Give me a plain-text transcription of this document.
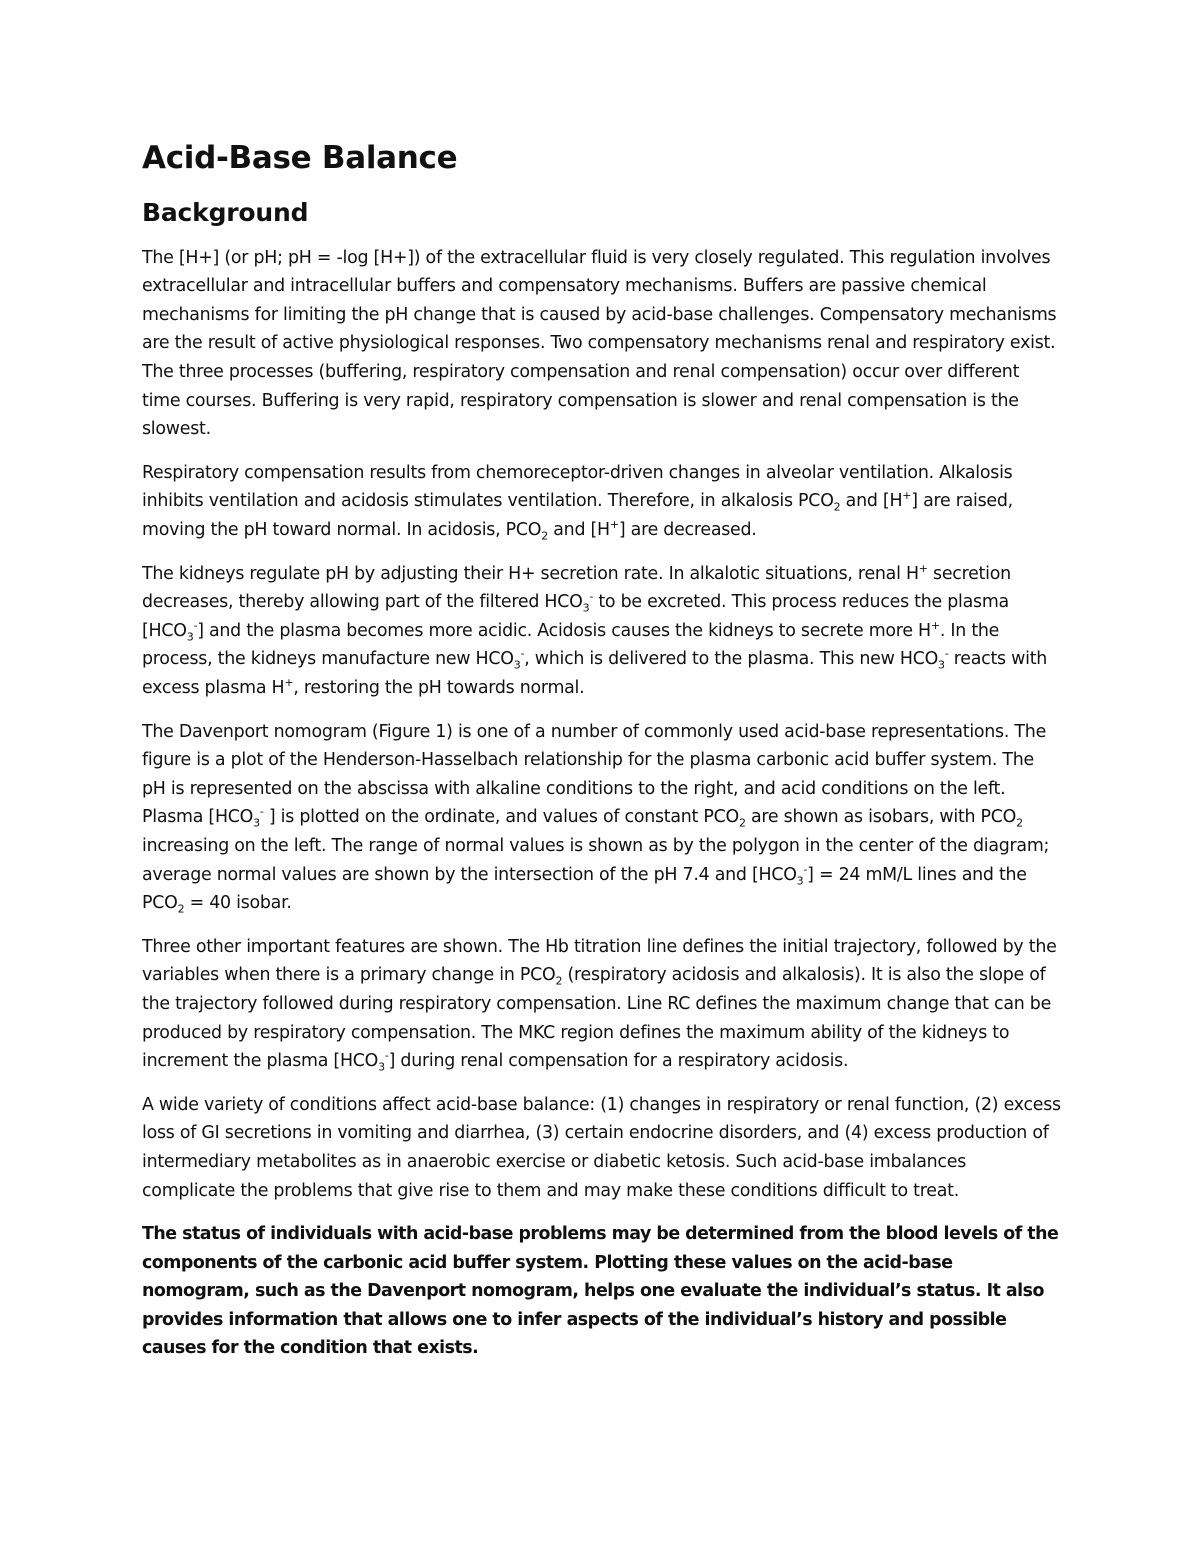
Acid-Base Balance
Background

The [H+] (or pH; pH = -log [H+]) of the extracellular fluid is very closely regulated. This regulation involves extracellular and intracellular buffers and compensatory mechanisms. Buffers are passive chemical mechanisms for limiting the pH change that is caused by acid-base challenges. Compensatory mechanisms are the result of active physiological responses. Two compensatory mechanisms renal and respiratory exist. The three processes (buffering, respiratory compensation and renal compensation) occur over different time courses. Buffering is very rapid, respiratory compensation is slower and renal compensation is the slowest.

Respiratory compensation results from chemoreceptor-driven changes in alveolar ventilation. Alkalosis inhibits ventilation and acidosis stimulates ventilation. Therefore, in alkalosis $PCO_2$ and [H+] are raised, moving the pH toward normal. In acidosis, $PCO_2$ and [H+] are decreased.

The kidneys regulate pH by adjusting their H+ secretion rate. In alkalotic situations, renal H+ secretion decreases, thereby allowing part of the filtered $HCO_3^-$ to be excreted. This process reduces the plasma $[HCO_3^-]$ and the plasma becomes more acidic. Acidosis causes the kidneys to secrete more H+. In the process, the kidneys manufacture new $HCO_3^-$, which is delivered to the plasma. This new $HCO_3^-$ reacts with excess plasma H+, restoring the pH towards normal.

The Davenport nomogram (Figure 1) is one of a number of commonly used acid-base representations. The figure is a plot of the Henderson-Hasselbach relationship for the plasma carbonic acid buffer system. The pH is represented on the abscissa with alkaline conditions to the right, and acid conditions on the left. Plasma [$HCO_3^-$ ] is plotted on the ordinate, and values of constant $PCO_2$ are shown as isobars, with $PCO_2$ increasing on the left. The range of normal values is shown as by the polygon in the center of the diagram; average normal values are shown by the intersection of the pH 7.4 and $[HCO_3^-] = 24$ mM/L lines and the $PCO_2 = 40$ isobar.

Three other important features are shown. The Hb titration line defines the initial trajectory, followed by the variables when there is a primary change in $PCO_2$ (respiratory acidosis and alkalosis). It is also the slope of the trajectory followed during respiratory compensation. Line RC defines the maximum change that can be produced by respiratory compensation. The MKC region defines the maximum ability of the kidneys to increment the plasma $[HCO_3^-]$ during renal compensation for a respiratory acidosis.

A wide variety of conditions affect acid-base balance: (1) changes in respiratory or renal function, (2) excess loss of GI secretions in vomiting and diarrhea, (3) certain endocrine disorders, and (4) excess production of intermediary metabolites as in anaerobic exercise or diabetic ketosis. Such acid-base imbalances complicate the problems that give rise to them and may make these conditions difficult to treat.

The status of individuals with acid-base problems may be determined from the blood levels of the components of the carbonic acid buffer system. Plotting these values on the acid-base nomogram, such as the Davenport nomogram, helps one evaluate the individual’s status. It also provides information that allows one to infer aspects of the individual’s history and possible causes for the condition that exists.
